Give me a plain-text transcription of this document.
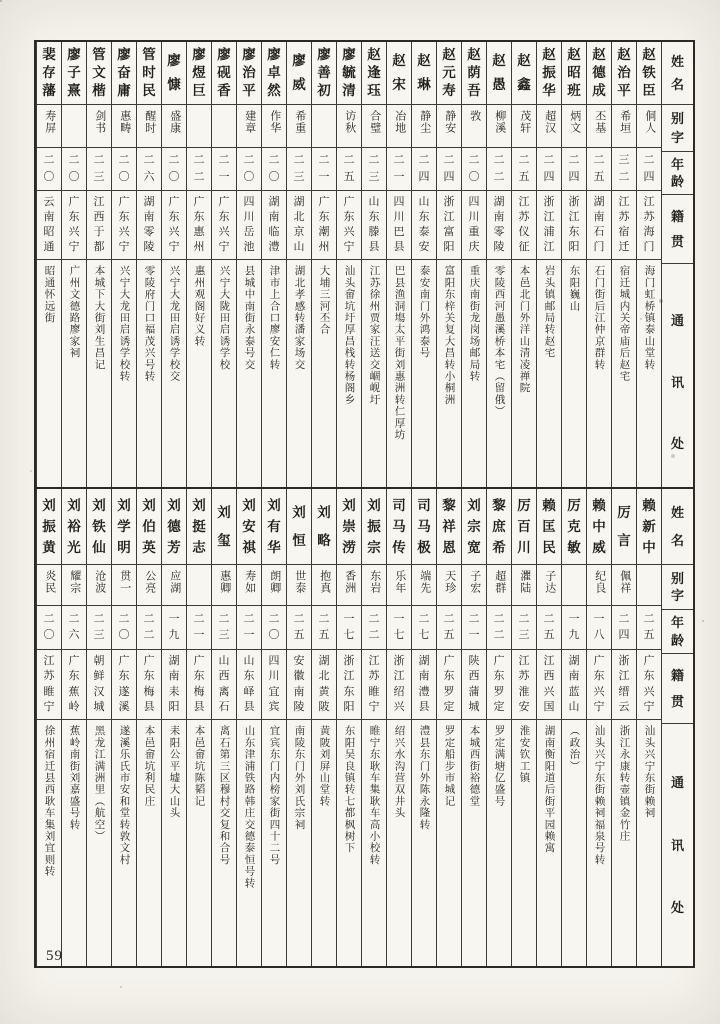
姓
名
别
字
年
龄
籍
贯
通
讯
处
赵
铁
臣
侗人
二
四
江
苏
海
门
海门虹桥镇泰山堂转
赵
治
平
希垣
三
二
江
苏
宿
迁
宿迁城内关帝庙后赵宅
赵
德
成
丕基
二
五
湖
南
石
门
石门街后江仲京群转
赵
昭
班
炳文
二
四
浙
江
东
阳
东阳巍山
赵
振
华
超汉
二
四
浙
江
浦
江
岩头镇邮局转赵宅
赵
鑫
茂轩
二
五
江
苏
仪
征
本邑北门外洋山清凌禅院
赵
愚
柳溪
二
二
湖
南
零
陵
零陵西河愚溪桥本宅（留俄）
赵
荫
吾
敩
二
〇
四
川
重
庆
重庆南街龙岗场邮局转
赵
元
寿
静安
二
四
浙
江
富
阳
富阳东梓关复大昌转小桐洲
赵
琳
静尘
二
四
山
东
泰
安
泰安南门外鸿泰号
赵
宋
冶地
二
一
四
川
巴
县
巴县渔洞塲太平街刘惠洲转仁厚坊
赵
逢
珏
合璧
二
三
山
东
滕
县
江苏徐州贾家汪送交崓岘圩
廖
毓
清
访秋
二
五
广
东
兴
宁
汕头畲坑圩厚昌栈转杨阁乡
廖
善
初
二
一
广
东
潮
州
大埔三河丕合
廖
威
希重
二
三
湖
北
京
山
湖北孝感转潘家场交
廖
卓
然
作华
二
〇
湖
南
临
澧
津市上合口廖安仁转
廖
治
平
建章
二
〇
四
川
岳
池
县城中南街永泰号交
廖
砚
香
二
一
广
东
兴
宁
兴宁大陇田启诱学校
廖
煜
巨
二
二
广
东
惠
州
惠州观阁好义转
廖
慷
盛康
二
〇
广
东
兴
宁
兴宁大龙田启诱学校交
管
时
民
醒时
二
六
湖
南
零
陵
零陵府门口福茂兴号转
廖
奋
庸
惠畴
二
〇
广
东
兴
宁
兴宁大龙田启诱学校转
管
文
楷
剑书
二
三
江
西
于
都
本城下大街刘生昌记
廖
子
熹
二
〇
广
东
兴
宁
广州文德路廖家祠
裴
存
藩
寿屏
二
〇
云
南
昭
通
昭通怀远街
姓
名
别
字
年
龄
籍
贯
通
讯
处
赖
新
中
二
五
广
东
兴
宁
汕头兴宁东街赖祠
厉
言
佩祥
二
四
浙
江
缙
云
浙江永康转壶镇金竹庄
赖
中
威
纪良
一
八
广
东
兴
宁
汕头兴宁东街赖祠福泉号转
厉
克
敏
一
九
湖
南
蓝
山
（政治）
赖
匡
民
子达
二
五
江
西
兴
国
湖南衡阳道后街平园赖寓
厉
百
川
灈陆
二
三
江
苏
淮
安
淮安钦工镇
黎
庶
希
超群
二
二
广
东
罗
定
罗定满塘亿盛号
刘
宗
宽
子宏
二
一
陕
西
蒲
城
本城西街裕德堂
黎
祥
恩
天珍
二
五
广
东
罗
定
罗定船步市城记
司
马
极
端先
二
七
湖
南
澧
县
澧县东门外陈永隆转
司
马
传
乐年
一
七
浙
江
绍
兴
绍兴水沟营双井头
刘
振
宗
东岩
二
二
江
苏
睢
宁
睢宁东耿车集耿车高小校转
刘
崇
涝
香洲
一
七
浙
江
东
阳
东阳吴良镇转七都枫树下
刘
略
抱真
二
五
湖
北
黄
陂
黄陂刘屏山堂转
刘
恒
世泰
二
五
安
徽
南
陵
南陵东门外刘氏宗祠
刘
有
华
朗卿
二
〇
四
川
宜
宾
宜宾东门内榜家街四十二号
刘
安
祺
寿如
二
一
山
东
峄
县
山东津浦铁路韩庄交德泰恒号转
刘
玺
惠卿
二
三
山
西
离
石
离石第三区穆村交复和合号
刘
挺
志
二
一
广
东
梅
县
本邑畲坑陈韬记
刘
德
芳
应湖
一
九
湖
南
耒
阳
耒阳公平墟大山头
刘
伯
英
公亮
二
二
广
东
梅
县
本邑畲坑利民庄
刘
学
明
贯一
二
〇
广
东
遂
溪
遂溪乐氏市安和堂转敦文村
刘
铁
仙
沧波
二
三
朝
鲜
汉
城
黑龙江满洲里（航空）
刘
裕
光
耀宗
二
六
广
东
蕉
岭
蕉岭南街刘嘉盛号转
刘
振
黄
炎民
二
〇
江
苏
睢
宁
徐州宿迁县西耿车集刘宜则转
59
